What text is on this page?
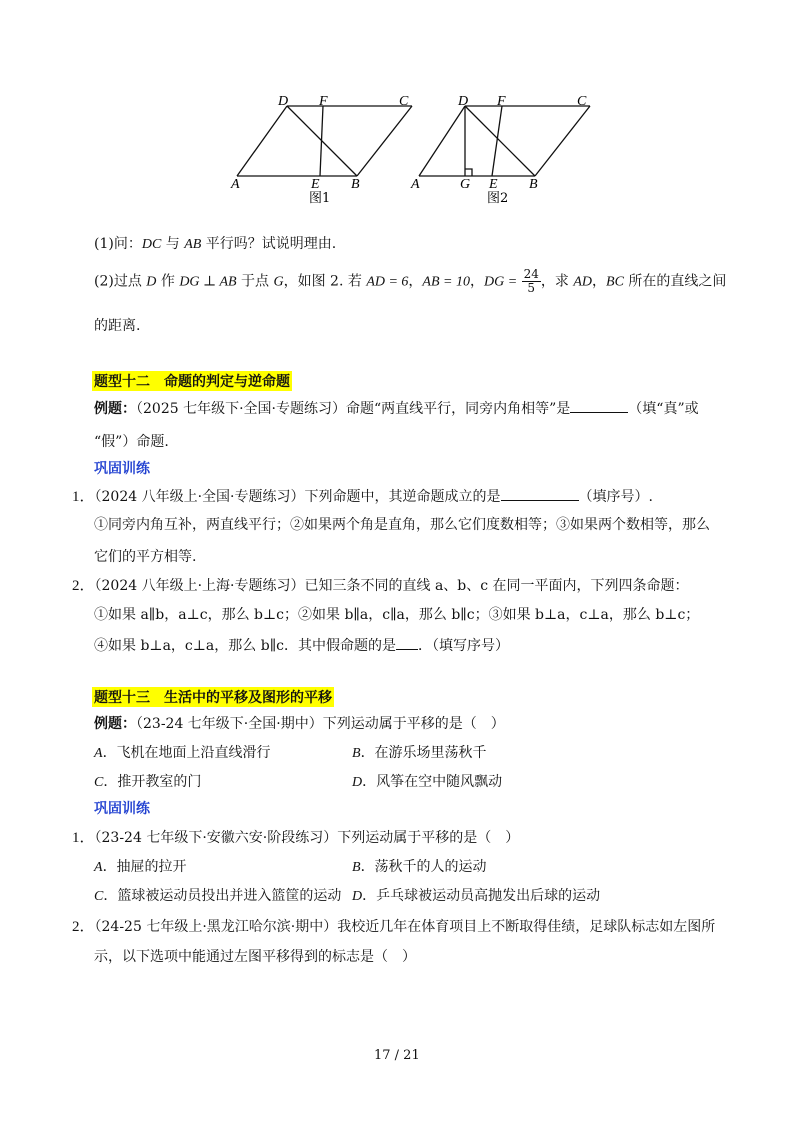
D F	C
A	E B
图1
D F	C
A	G E B
图2
(1)问：DC 与 AB 平行吗？试说明理由.
(2)过点 D 作 DG ⊥ AB 于点 G，如图 2. 若 AD = 6，AB = 10，DG = $\frac{24}{5}$ ，求 AD，BC 所在的直线之间
的距离.
题型十二　命题的判定与逆命题
例题：（2025 七年级下·全国·专题练习）命题“两直线平行，同旁内角相等”是	（填“真”或
“假”）命题.
巩固训练
1．（2024 八年级上·全国·专题练习）下列命题中，其逆命题成立的是	（填序号）.
①同旁内角互补，两直线平行；②如果两个角是直角，那么它们度数相等；③如果两个数相等，那么
它们的平方相等.
2．（2024 八年级上·上海·专题练习）已知三条不同的直线 a、b、c 在同一平面内，下列四条命题：
①如果 a∥b，a⊥c，那么 b⊥c；②如果 b∥a，c∥a，那么 b∥c；③如果 b⊥a，c⊥a，那么 b⊥c；
④如果 b⊥a，c⊥a，那么 b∥c．其中假命题的是 ．（填写序号）
题型十三　生活中的平移及图形的平移
例题：（23-24 七年级下·全国·期中）下列运动属于平移的是（　）
A．飞机在地面上沿直线滑行	B．在游乐场里荡秋千
C．推开教室的门	D．风筝在空中随风飘动
巩固训练
1．（23-24 七年级下·安徽六安·阶段练习）下列运动属于平移的是（　）
A．抽屉的拉开	B．荡秋千的人的运动
C．篮球被运动员投出并进入篮筐的运动 D．乒乓球被运动员高抛发出后球的运动
2．（24-25 七年级上·黑龙江哈尔滨·期中）我校近几年在体育项目上不断取得佳绩，足球队标志如左图所
示，以下选项中能通过左图平移得到的标志是（　）
17 / 21
